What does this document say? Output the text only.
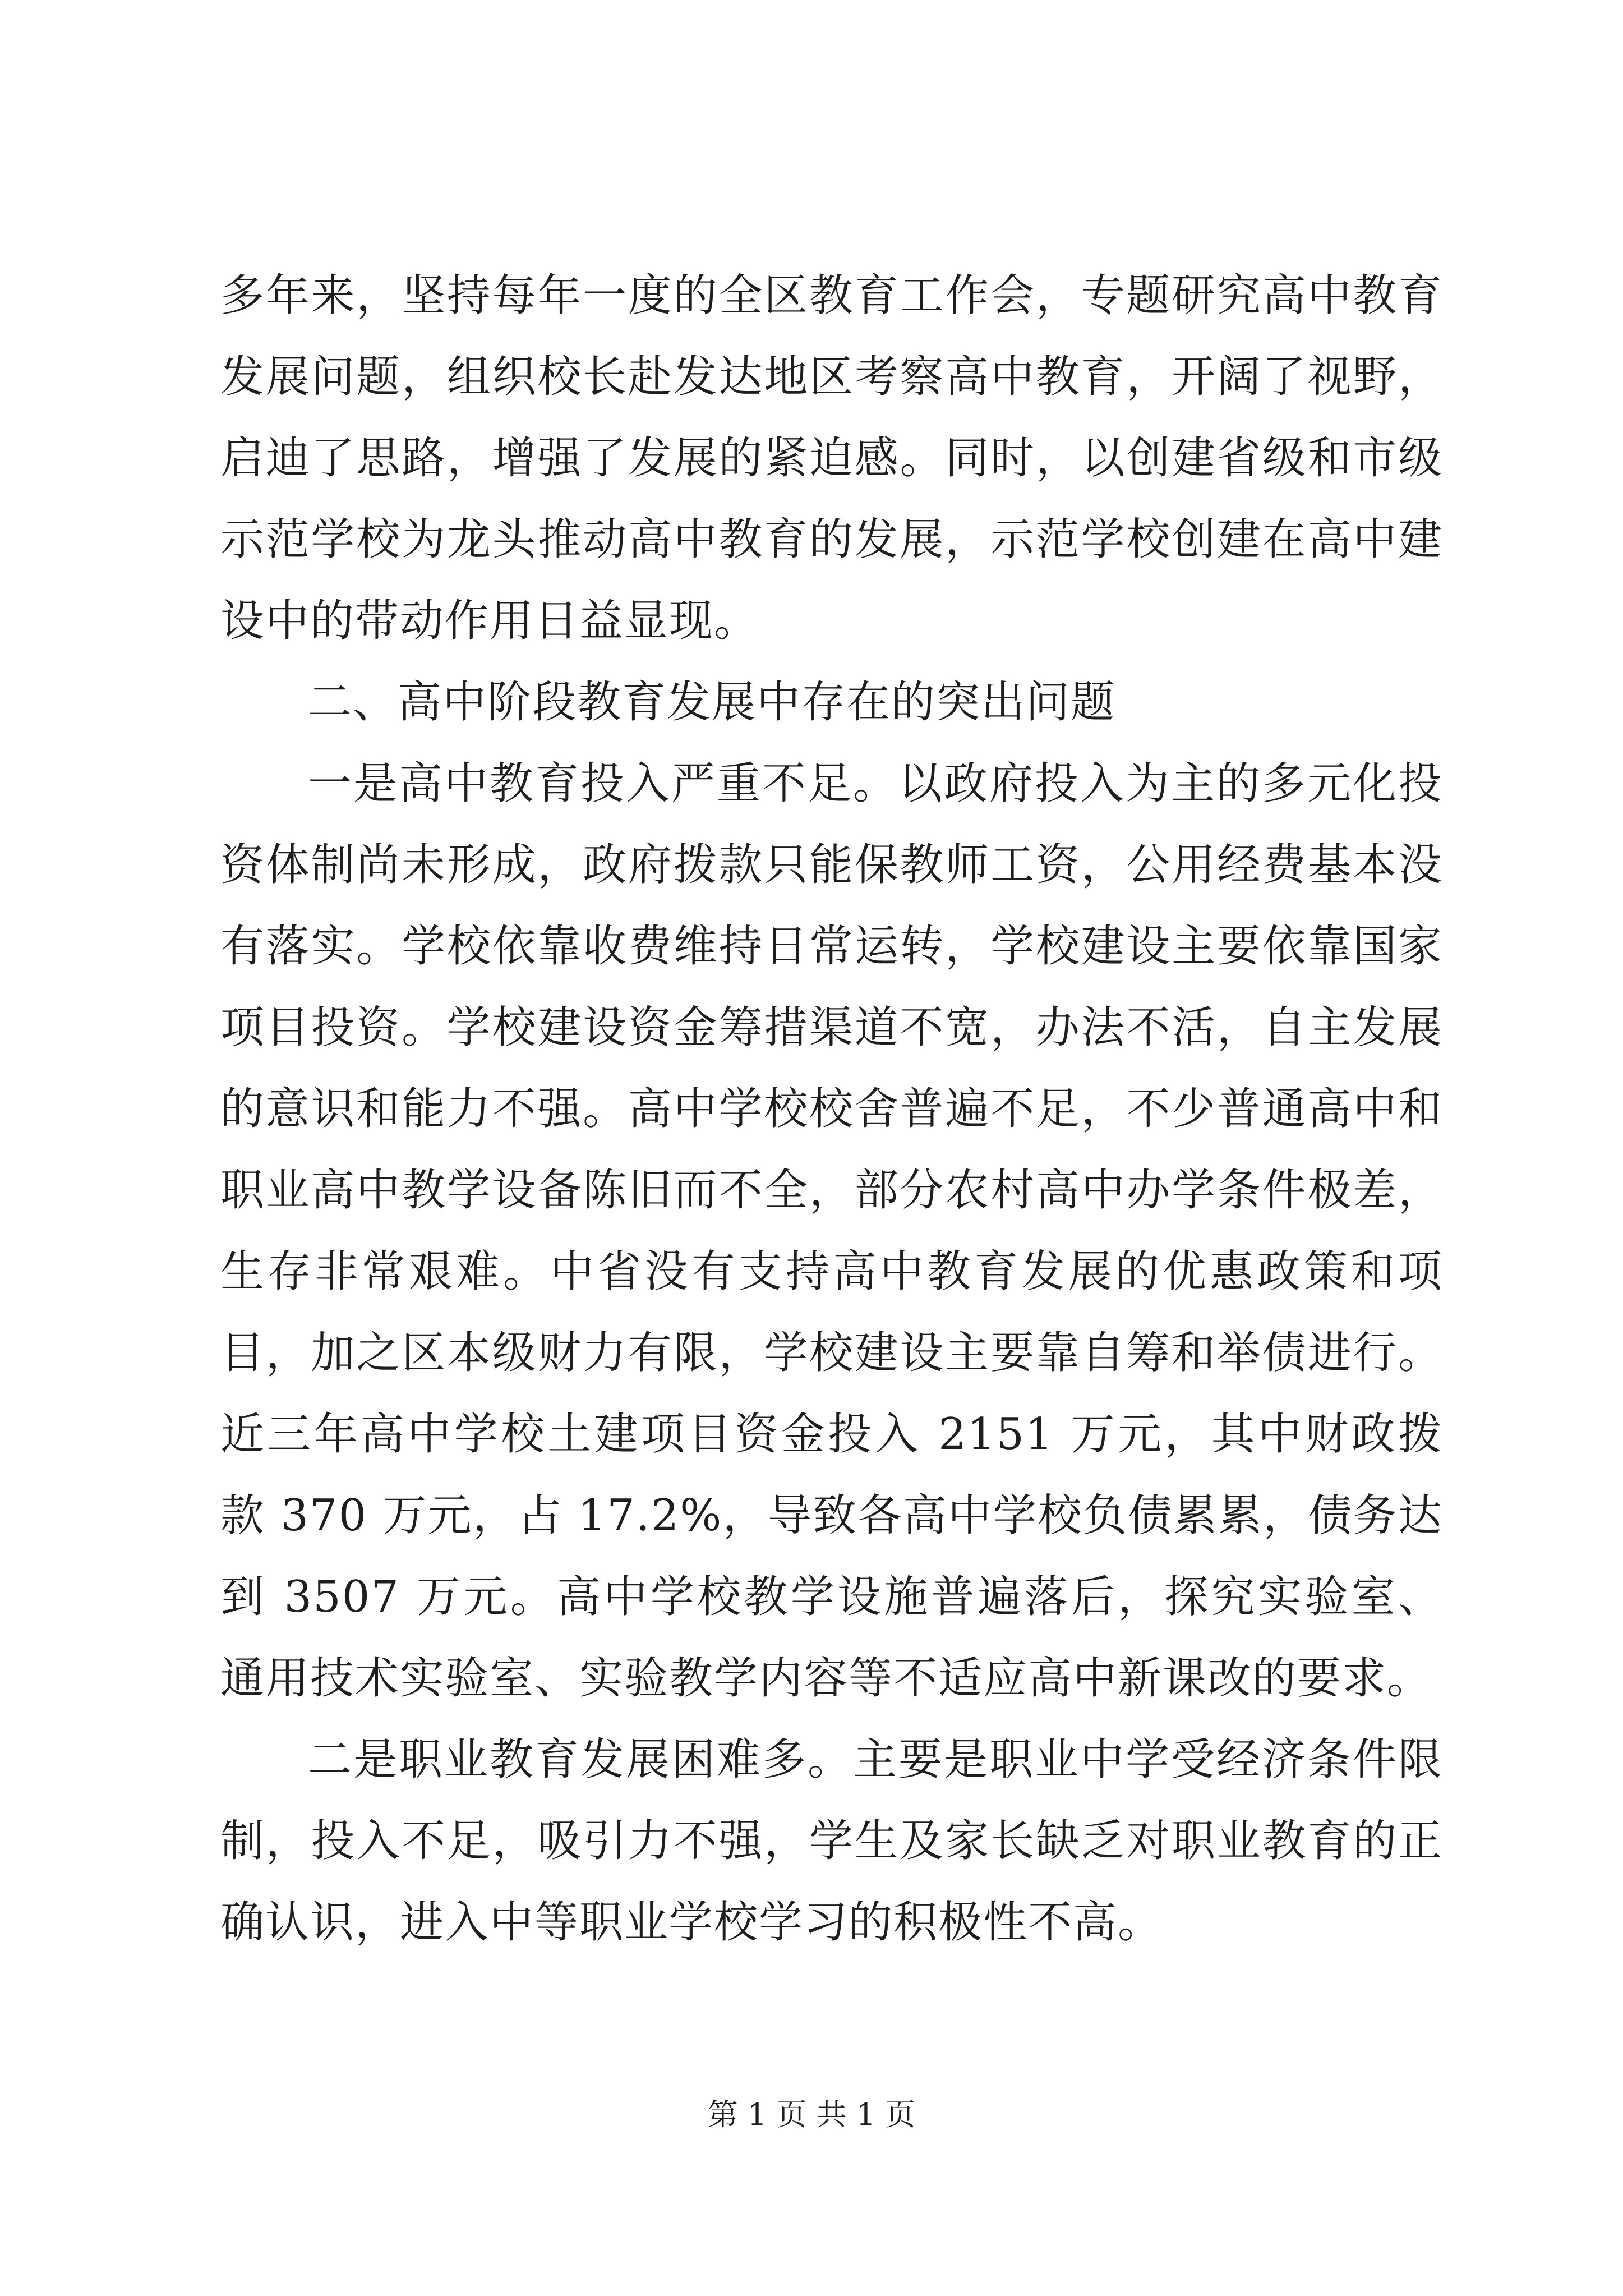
多年来，坚持每年一度的全区教育工作会，专题研究高中教育发展问题，组织校长赴发达地区考察高中教育，开阔了视野，启迪了思路，增强了发展的紧迫感。同时，以创建省级和市级示范学校为龙头推动高中教育的发展，示范学校创建在高中建设中的带动作用日益显现。

二、高中阶段教育发展中存在的突出问题

一是高中教育投入严重不足。以政府投入为主的多元化投资体制尚未形成，政府拨款只能保教师工资，公用经费基本没有落实。学校依靠收费维持日常运转，学校建设主要依靠国家项目投资。学校建设资金筹措渠道不宽，办法不活，自主发展的意识和能力不强。高中学校校舍普遍不足，不少普通高中和职业高中教学设备陈旧而不全，部分农村高中办学条件极差，生存非常艰难。中省没有支持高中教育发展的优惠政策和项目，加之区本级财力有限，学校建设主要靠自筹和举债进行。近三年高中学校土建项目资金投入 2151 万元，其中财政拨款 370 万元，占 17.2%，导致各高中学校负债累累，债务达到 3507 万元。高中学校教学设施普遍落后，探究实验室、通用技术实验室、实验教学内容等不适应高中新课改的要求。

二是职业教育发展困难多。主要是职业中学受经济条件限制，投入不足，吸引力不强，学生及家长缺乏对职业教育的正确认识，进入中等职业学校学习的积极性不高。

第 1 页 共 1 页
